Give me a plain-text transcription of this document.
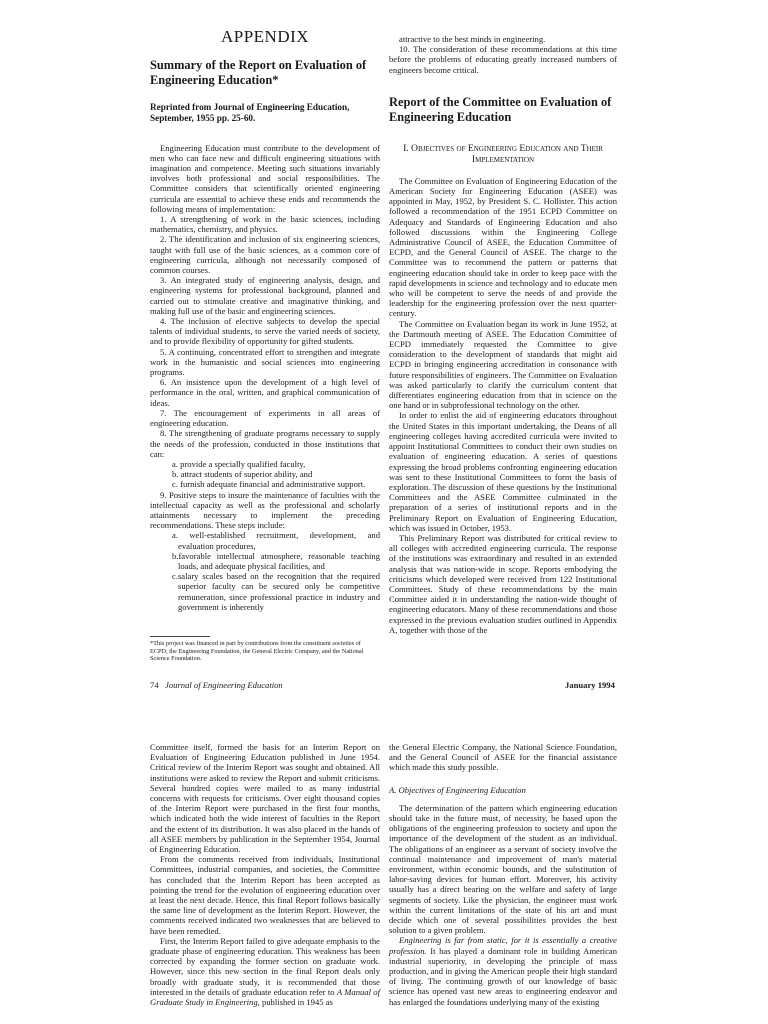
APPENDIX
Summary of the Report on Evaluation of Engineering Education*
Reprinted from Journal of Engineering Education, September, 1955 pp. 25-60.

Engineering Education must contribute to the development of men who can face new and difficult engineering situations with imagination and competence. Meeting such situations invariably involves both professional and social responsibilities. The Committee considers that scientifically oriented engineering curricula are essential to achieve these ends and recommends the following means of implementation:

1. A strengthening of work in the basic sciences, including mathematics, chemistry, and physics.

2. The identification and inclusion of six engineering sciences, taught with full use of the basic sciences, as a common core of engineering curricula, although not necessarily composed of common courses.

3. An integrated study of engineering analysis, design, and engineering systems for professional background, planned and carried out to stimulate creative and imaginative thinking, and making full use of the basic and engineering sciences.

4. The inclusion of elective subjects to develop the special talents of individual students, to serve the varied needs of society, and to provide flexibility of opportunity for gifted students.

5. A continuing, concentrated effort to strengthen and integrate work in the humanistic and social sciences into engineering programs.

6. An insistence upon the development of a high level of performance in the oral, written, and graphical communication of ideas.

7. The encouragement of experiments in all areas of engineering education.

8. The strengthening of graduate programs necessary to supply the needs of the profession, conducted in those institutions that can:

a. provide a specially qualified faculty,

b. attract students of superior ability, and

c. furnish adequate financial and administrative support.

9. Positive steps to insure the maintenance of faculties with the intellectual capacity as well as the professional and scholarly attainments necessary to implement the preceding recommendations. These steps include:

a. well-established recruitment, development, and evaluation procedures,

b.favorable intellectual atmosphere, reasonable teaching loads, and adequate physical facilities, and

c.salary scales based on the recognition that the required superior faculty can be secured only be competitive remuneration, since professional practice in industry and government is inherently

*This project was financed in part by contributions from the constituent societies of ECPD, the Engineering Foundation, the General Electric Company, and the National Science Foundation.

attractive to the best minds in engineering.

10. The consideration of these recommendations at this time before the problems of educating greatly increased numbers of engineers become critical.

Report of the Committee on Evaluation of Engineering Education
I. Objectives of Engineering Education and Their Implementation

The Committee on Evaluation of Engineering Education of the American Society for Engineering Education (ASEE) was appointed in May, 1952, by President S. C. Hollister. This action followed a recommendation of the 1951 ECPD Committee on Adequacy and Standards of Engineering Education and also followed discussions within the Engineering College Administrative Council of ASEE, the Education Committee of ECPD, and the General Council of ASEE. The charge to the Committee was to recommend the pattern or patterns that engineering education should take in order to keep pace with the rapid developments in science and technology and to educate men who will be competent to serve the needs of and provide the leadership for the engineering profession over the next quarter-century.

The Committee on Evaluation began its work in June 1952, at the Dartmouth meeting of ASEE. The Education Committee of ECPD immediately requested the Committee to give consideration to the development of standards that might aid ECPD in bringing engineering accreditation in consonance with future responsibilities of engineers. The Committee on Evaluation was asked particularly to clarify the curriculum content that differentiates engineering education from that in science on the one hand or in subprofessional technology on the other.

In order to enlist the aid of engineering educators throughout the United States in this important undertaking, the Deans of all engineering colleges having accredited curricula were invited to appoint Institutional Committees to conduct their own studies on evaluation of engineering education. A series of questions expressing the broad problems confronting engineering education was sent to these Institutional Committees to form the basis of exploration. The discussion of these questions by the Institutional Committees and the ASEE Committee culminated in the preparation of a series of institutional reports and in the Preliminary Report on Evaluation of Engineering Education, which was issued in October, 1953.

This Preliminary Report was distributed for critical review to all colleges with accredited engineering curricula. The response of the institutions was extraordinary and resulted in an extended analysis that was nation-wide in scope. Reports embodying the criticisms which developed were received from 122 Institutional Committees. Study of these recommendations by the main Committee aided it in understanding the nation-wide thought of engineering educators. Many of these recommendations and those expressed in the previous evaluation studies outlined in Appendix A, together with those of the

74 Journal of Engineering Education	January 1994

Committee itself, formed the basis for an Interim Report on Evaluation of Engineering Education published in June 1954. Critical review of the Interim Report was sought and obtained. All institutions were asked to review the Report and submit criticisms. Several hundred copies were mailed to as many industrial concerns with requests for criticisms. Over eight thousand copies of the Interim Report were purchased in the first four months, which indicated both the wide interest of faculties in the Report and the extent of its distribution. It was also placed in the hands of all ASEE members by publication in the September 1954, Journal of Engineering Education.

From the comments received from individuals, Institutional Committees, industrial companies, and societies, the Committee has concluded that the Interim Report has been accepted as pointing the trend for the evolution of engineering education over at least the next decade. Hence, this final Report follows basically the same line of development as the Interim Report. However, the comments received indicated two weaknesses that are believed to have been remedied.

First, the Interim Report failed to give adequate emphasis to the graduate phase of engineering education. This weakness has been corrected by expanding the former section on graduate work. However, since this new section in the final Report deals only broadly with graduate study, it is recommended that those interested in the details of graduate education refer to A Manual of Graduate Study in Engineering, published in 1945 as

the General Electric Company, the National Science Foundation, and the General Council of ASEE for the financial assistance which made this study possible.

A. Objectives of Engineering Education

The determination of the pattern which engineering education should take in the future must, of necessity, be based upon the obligations of the engineering profession to society and upon the importance of the development of the student as an individual. The obligations of an engineer as a servant of society involve the continual maintenance and improvement of man's material environment, within economic bounds, and the substitution of labor-saving devices for human effort. Moreover, his activity usually has a direct bearing on the welfare and safety of large segments of society. Like the physician, the engineer must work within the current limitations of the state of his art and must decide which one of several possibilities provides the best solution to a given problem.

Engineering is far from static, for it is essentially a creative profession. It has played a dominant role in building American industrial superiority, in developing the principle of mass production, and in giving the American people their high standard of living. The continuing growth of our knowledge of basic science has opened vast new areas to engineering endeavor and has enlarged the foundations underlying many of the existing
